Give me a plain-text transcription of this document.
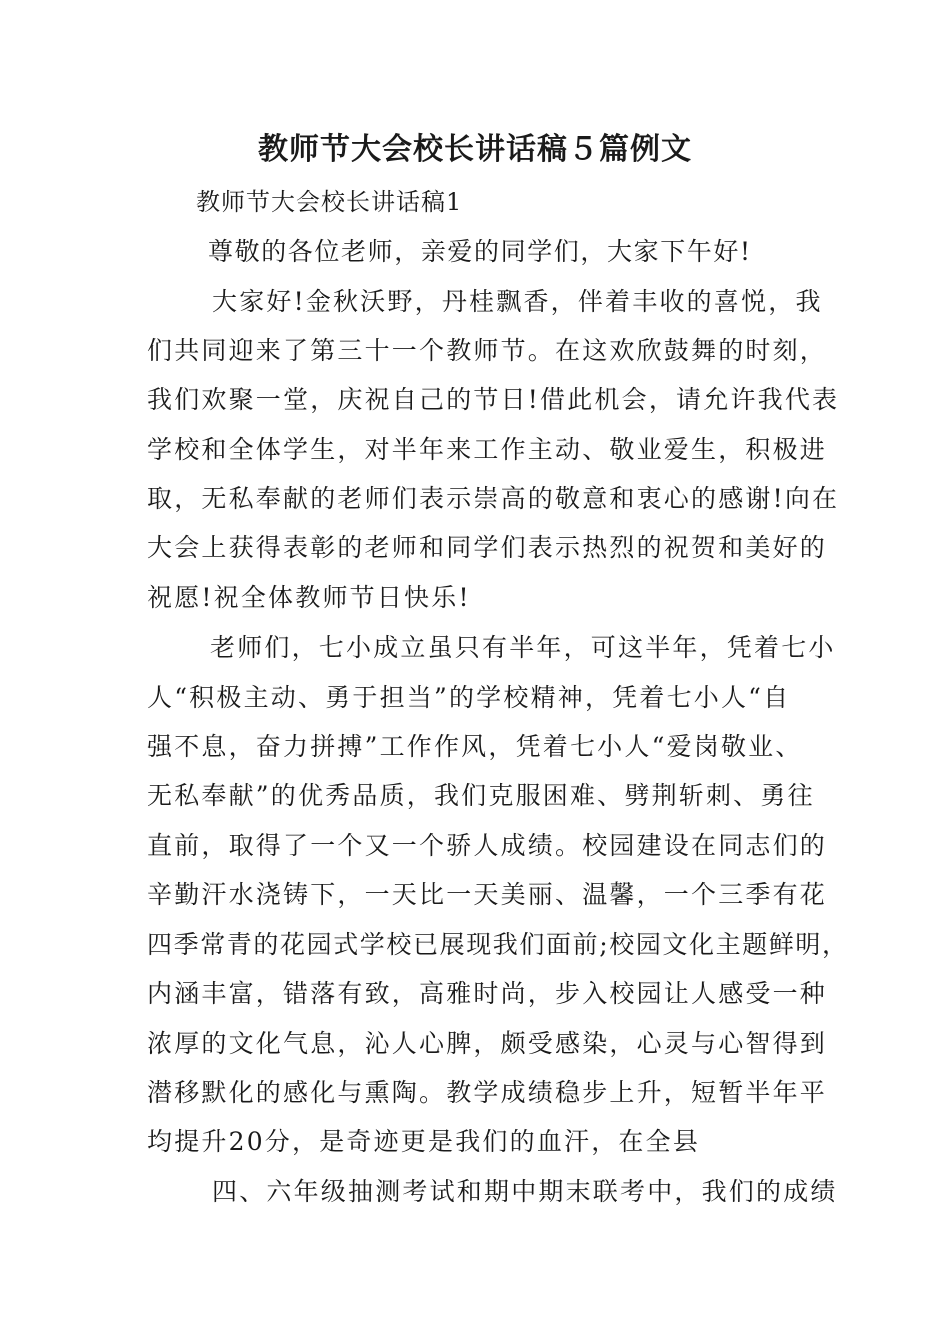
教师节大会校长讲话稿５篇例文
教师节大会校长讲话稿1
尊敬的各位老师，亲爱的同学们，大家下午好!
大家好!金秋沃野，丹桂飘香，伴着丰收的喜悦，我
们共同迎来了第三十一个教师节。在这欢欣鼓舞的时刻，
我们欢聚一堂，庆祝自己的节日!借此机会，请允许我代表
学校和全体学生，对半年来工作主动、敬业爱生，积极进
取，无私奉献的老师们表示崇高的敬意和衷心的感谢!向在
大会上获得表彰的老师和同学们表示热烈的祝贺和美好的
祝愿!祝全体教师节日快乐!
老师们，七小成立虽只有半年，可这半年，凭着七小
人“积极主动、勇于担当”的学校精神，凭着七小人“自
强不息，奋力拼搏”工作作风，凭着七小人“爱岗敬业、
无私奉献”的优秀品质，我们克服困难、劈荆斩刺、勇往
直前，取得了一个又一个骄人成绩。校园建设在同志们的
辛勤汗水浇铸下，一天比一天美丽、温馨，一个三季有花
四季常青的花园式学校已展现我们面前;校园文化主题鲜明，
内涵丰富，错落有致，高雅时尚，步入校园让人感受一种
浓厚的文化气息，沁人心脾，颇受感染，心灵与心智得到
潜移默化的感化与熏陶。教学成绩稳步上升，短暂半年平
均提升20分，是奇迹更是我们的血汗，在全县
四、六年级抽测考试和期中期末联考中，我们的成绩
